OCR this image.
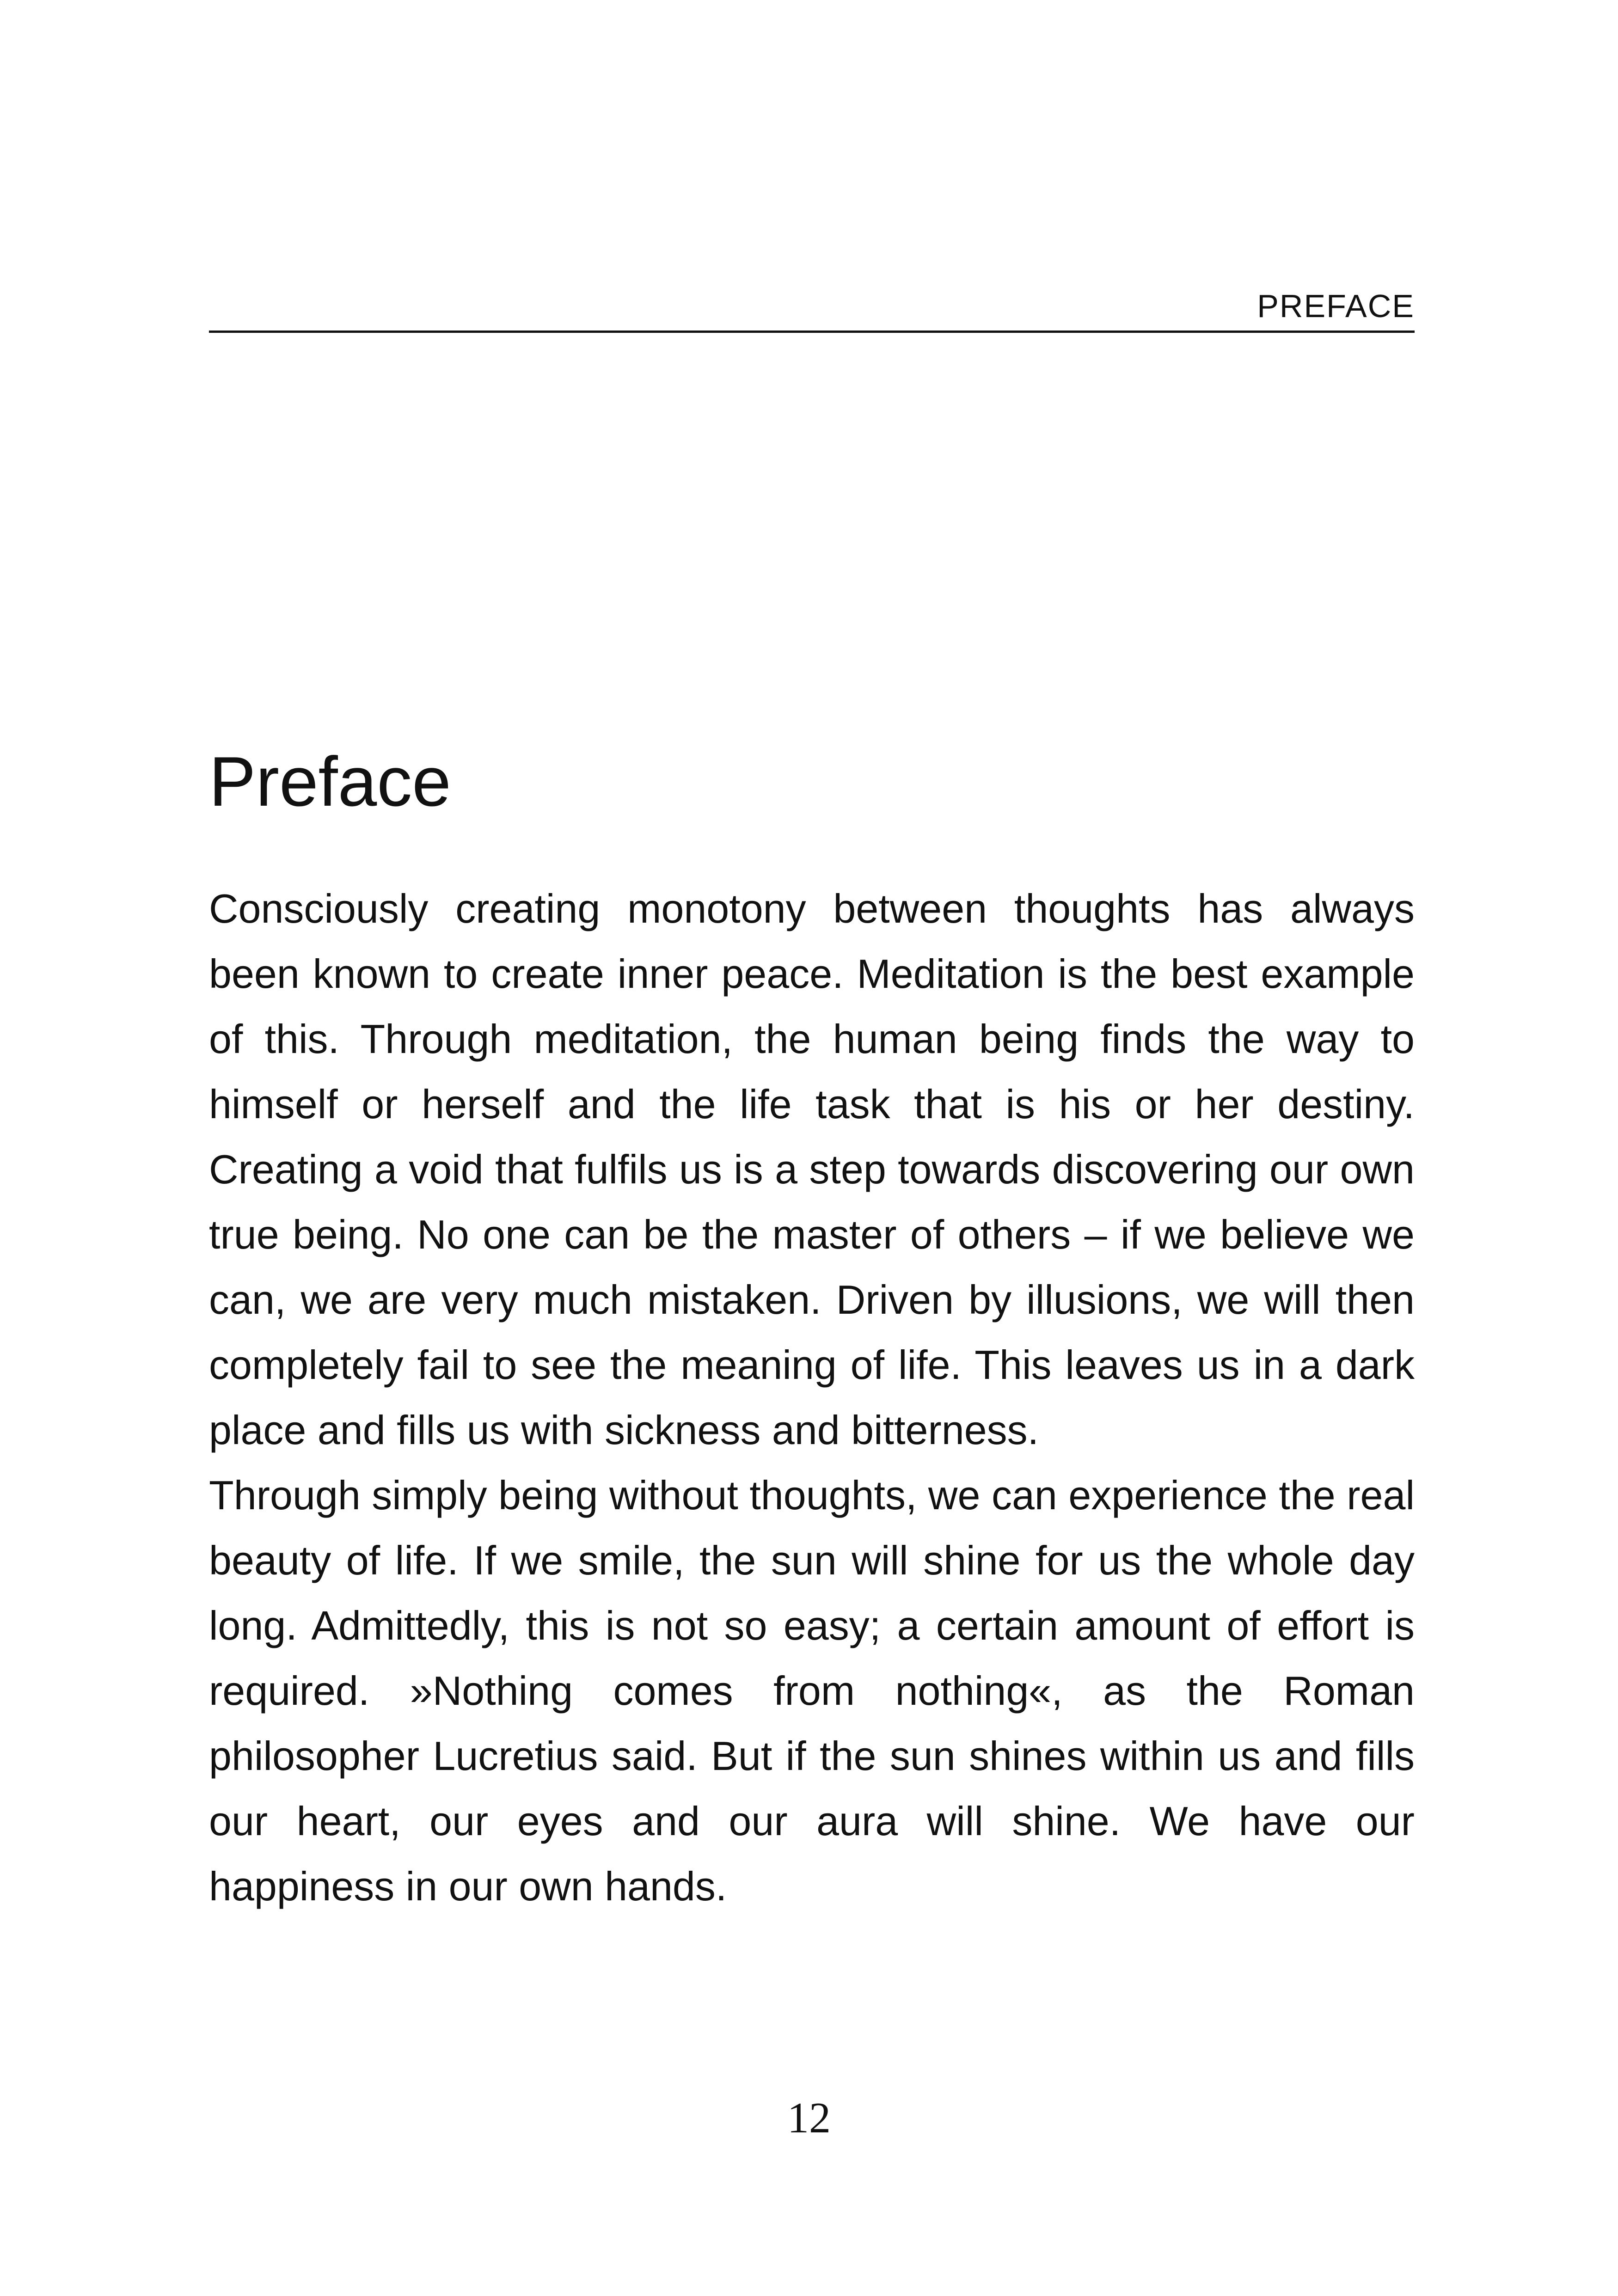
PREFACE
Preface

Consciously creating monotony between thoughts has always been known to create inner peace. Meditation is the best example of this. Through meditation, the human being finds the way to himself or herself and the life task that is his or her destiny. Creating a void that fulfils us is a step towards discovering our own true being. No one can be the master of others – if we believe we can, we are very much mistaken. Driven by illusions, we will then completely fail to see the meaning of life. This leaves us in a dark place and fills us with sickness and bitterness.

Through simply being without thoughts, we can experience the real beauty of life. If we smile, the sun will shine for us the whole day long. Admittedly, this is not so easy; a certain amount of effort is required. »Nothing comes from nothing«, as the Roman philosopher Lucretius said. But if the sun shines within us and fills our heart, our eyes and our aura will shine. We have our happiness in our own hands.

12
